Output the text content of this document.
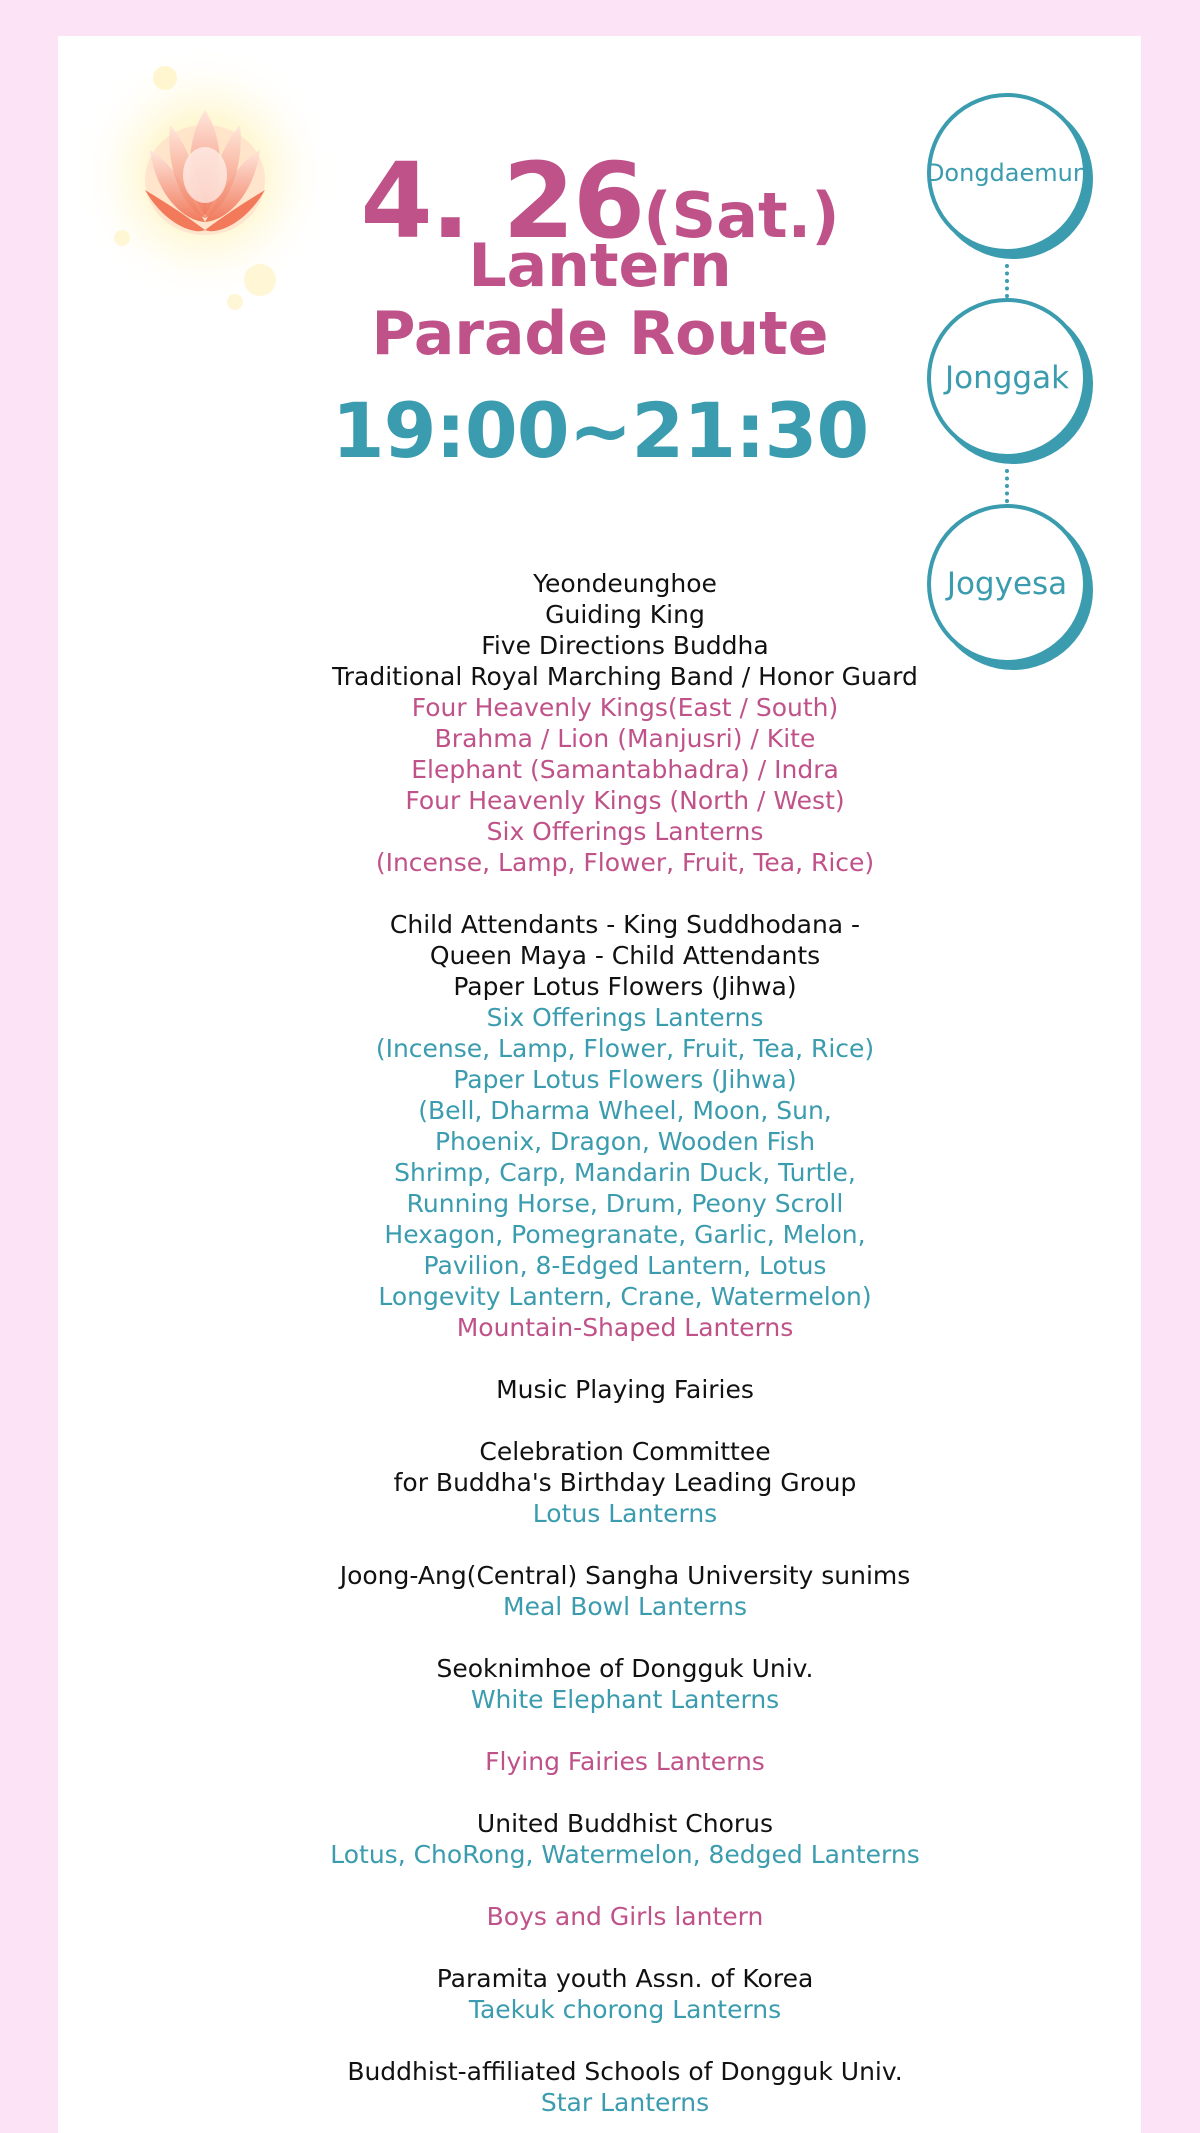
4. 26(Sat.)
Lantern
Parade Route
19:00~21:30
Dongdaemun
Jonggak
Jogyesa
Yeondeunghoe
Guiding King
Five Directions Buddha
Traditional Royal Marching Band / Honor Guard
Four Heavenly Kings(East / South)
Brahma / Lion (Manjusri) / Kite
Elephant (Samantabhadra) / Indra
Four Heavenly Kings (North / West)
Six Offerings Lanterns
(Incense, Lamp, Flower, Fruit, Tea, Rice)
Child Attendants - King Suddhodana -
Queen Maya - Child Attendants
Paper Lotus Flowers (Jihwa)
Six Offerings Lanterns
(Incense, Lamp, Flower, Fruit, Tea, Rice)
Paper Lotus Flowers (Jihwa)
(Bell, Dharma Wheel, Moon, Sun,
Phoenix, Dragon, Wooden Fish
Shrimp, Carp, Mandarin Duck, Turtle,
Running Horse, Drum, Peony Scroll
Hexagon, Pomegranate, Garlic, Melon,
Pavilion, 8-Edged Lantern, Lotus
Longevity Lantern, Crane, Watermelon)
Mountain-Shaped Lanterns
Music Playing Fairies
Celebration Committee
for Buddha's Birthday Leading Group
Lotus Lanterns
Joong-Ang(Central) Sangha University sunims
Meal Bowl Lanterns
Seoknimhoe of Dongguk Univ.
White Elephant Lanterns
Flying Fairies Lanterns
United Buddhist Chorus
Lotus, ChoRong, Watermelon, 8edged Lanterns
Boys and Girls lantern
Paramita youth Assn. of Korea
Taekuk chorong Lanterns
Buddhist-affiliated Schools of Dongguk Univ.
Star Lanterns
